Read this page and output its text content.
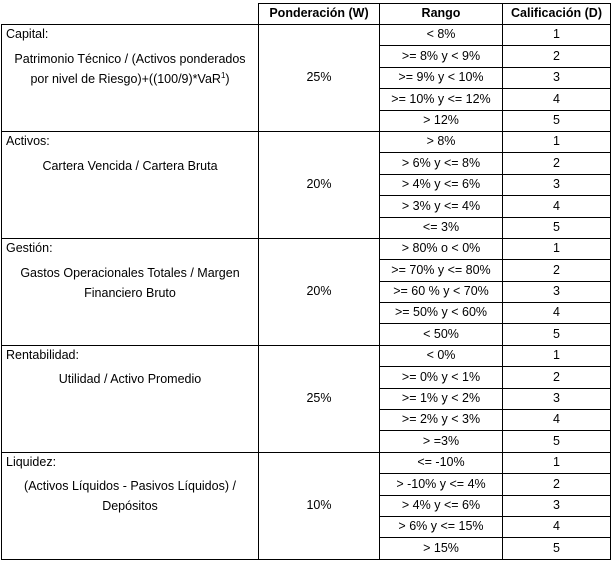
	Ponderación (W)	Rango	Calificación (D)

Capital:
Patrimonio Técnico / (Activos ponderados por nivel de Riesgo)+((100/9)*VaR$^1$)	25%	< 8%	1
		>= 8% y < 9%	2
		>= 9% y < 10%	3
		>= 10% y <= 12%	4
		> 12%	5

Activos:
Cartera Vencida / Cartera Bruta	20%	> 8%	1
		> 6% y <= 8%	2
		> 4% y <= 6%	3
		> 3% y <= 4%	4
		<= 3%	5

Gestión:
Gastos Operacionales Totales / Margen Financiero Bruto	20%	> 80% o < 0%	1
		>= 70% y <= 80%	2
		>= 60 % y < 70%	3
		>= 50% y < 60%	4
		< 50%	5

Rentabilidad:
Utilidad / Activo Promedio	25%	< 0%	1
		>= 0% y < 1%	2
		>= 1% y < 2%	3
		>= 2% y < 3%	4
		> =3%	5

Liquidez:
(Activos Líquidos - Pasivos Líquidos) / Depósitos	10%	<= -10%	1
		> -10% y <= 4%	2
		> 4% y <= 6%	3
		> 6% y <= 15%	4
		> 15%	5
